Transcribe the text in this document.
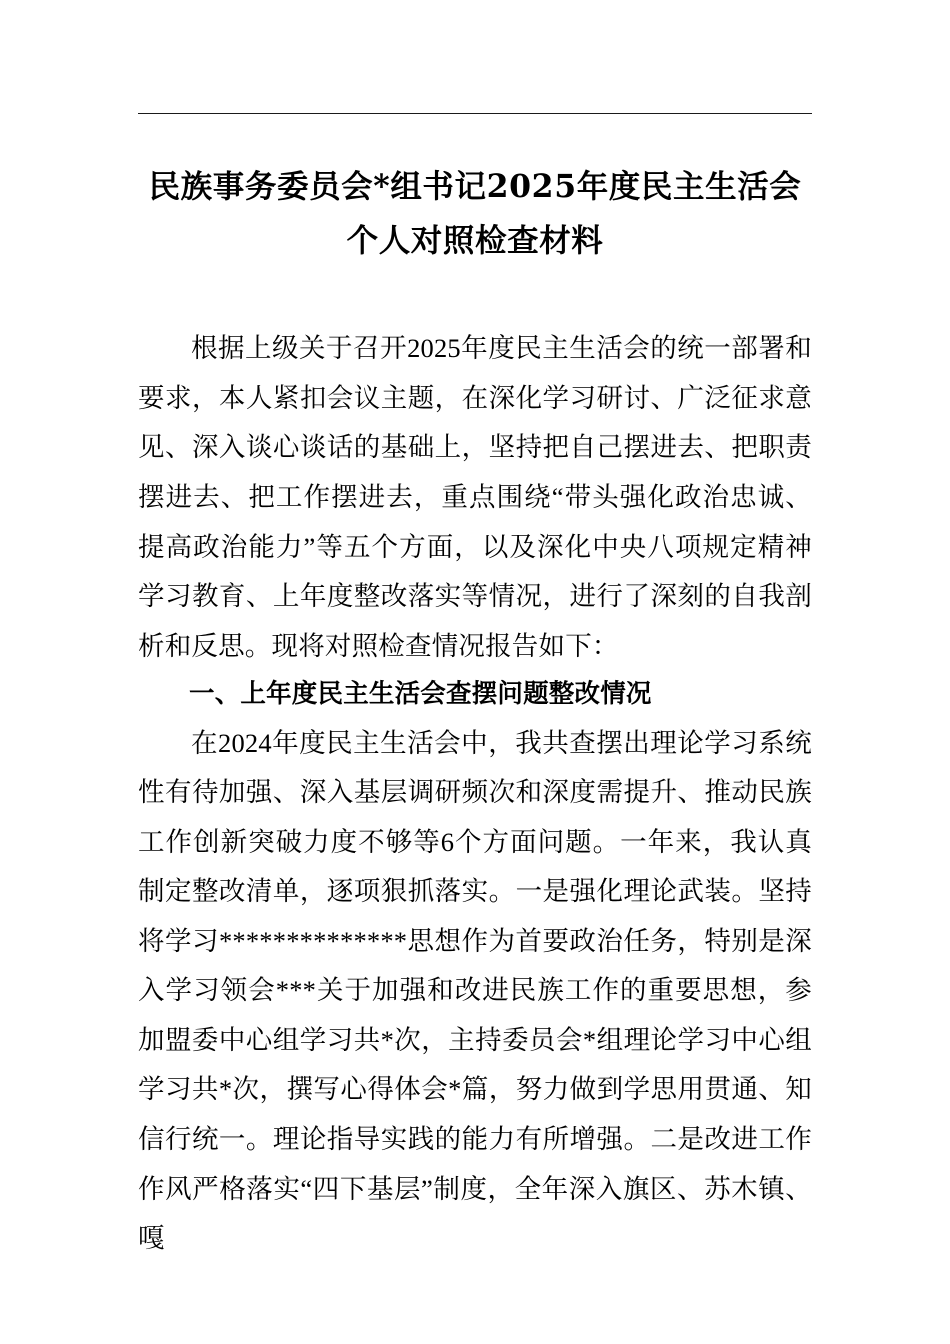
民族事务委员会*组书记2025年度民主生活会个人对照检查材料

根据上级关于召开2025年度民主生活会的统一部署和要求，本人紧扣会议主题，在深化学习研讨、广泛征求意见、深入谈心谈话的基础上，坚持把自己摆进去、把职责摆进去、把工作摆进去，重点围绕“带头强化政治忠诚、提高政治能力”等五个方面，以及深化中央八项规定精神学习教育、上年度整改落实等情况，进行了深刻的自我剖析和反思。现将对照检查情况报告如下：

一、上年度民主生活会查摆问题整改情况

在2024年度民主生活会中，我共查摆出理论学习系统性有待加强、深入基层调研频次和深度需提升、推动民族工作创新突破力度不够等6个方面问题。一年来，我认真制定整改清单，逐项狠抓落实。一是强化理论武装。坚持将学习**************思想作为首要政治任务，特别是深入学习领会***关于加强和改进民族工作的重要思想，参加盟委中心组学习共*次，主持委员会*组理论学习中心组学习共*次，撰写心得体会*篇，努力做到学思用贯通、知信行统一。理论指导实践的能力有所增强。二是改进工作作风严格落实“四下基层”制度，全年深入旗区、苏木镇、嘎
